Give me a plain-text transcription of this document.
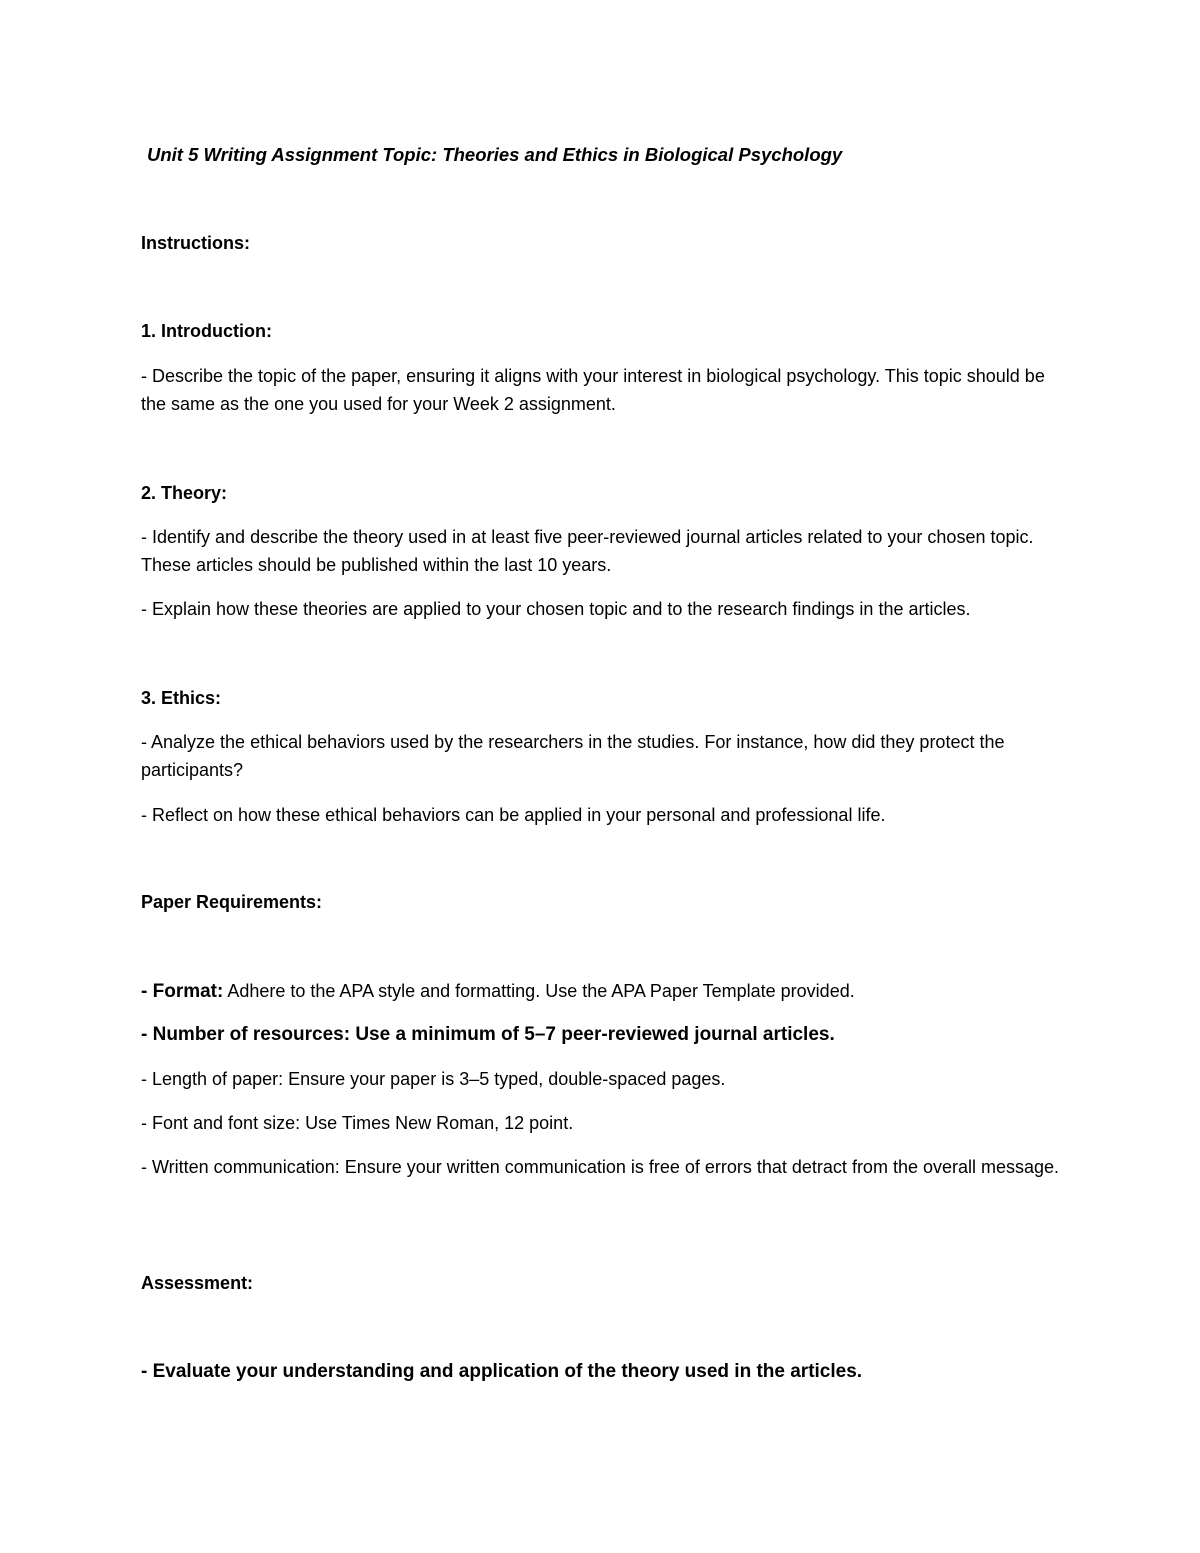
Unit 5 Writing Assignment Topic: Theories and Ethics in Biological Psychology

Instructions:

1. Introduction:

- Describe the topic of the paper, ensuring it aligns with your interest in biological psychology. This topic should be the same as the one you used for your Week 2 assignment.

2. Theory:

- Identify and describe the theory used in at least five peer-reviewed journal articles related to your chosen topic. These articles should be published within the last 10 years.

- Explain how these theories are applied to your chosen topic and to the research findings in the articles.

3. Ethics:

- Analyze the ethical behaviors used by the researchers in the studies. For instance, how did they protect the participants?

- Reflect on how these ethical behaviors can be applied in your personal and professional life.

Paper Requirements:

- Format: Adhere to the APA style and formatting. Use the APA Paper Template provided.

- Number of resources: Use a minimum of 5–7 peer-reviewed journal articles.

- Length of paper: Ensure your paper is 3–5 typed, double-spaced pages.

- Font and font size: Use Times New Roman, 12 point.

- Written communication: Ensure your written communication is free of errors that detract from the overall message.

Assessment:

- Evaluate your understanding and application of the theory used in the articles.
